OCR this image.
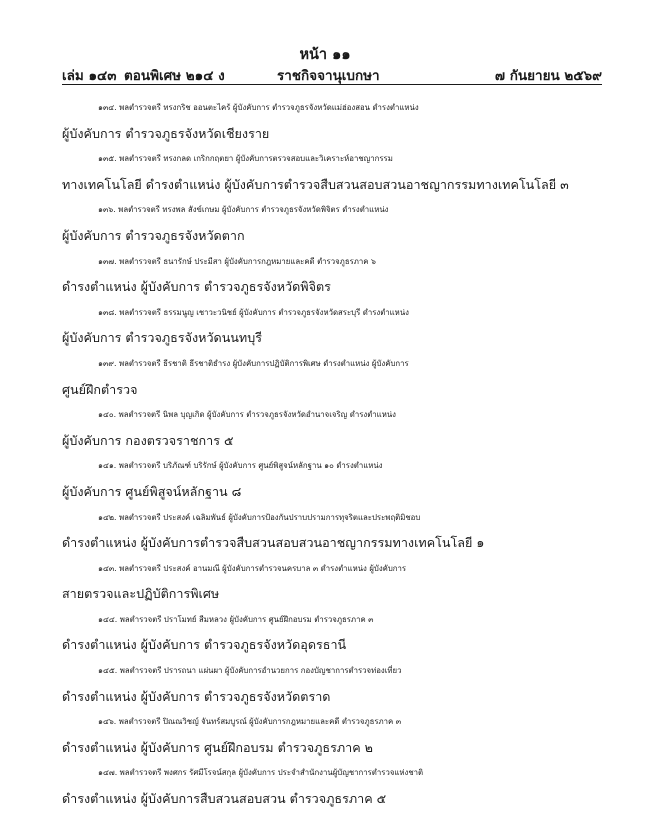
หน้า ๑๑
เล่ม ๑๔๓ ตอนพิเศษ ๒๑๔ ง	ราชกิจจานุเบกษา	๗ กันยายน ๒๕๖๙
๑๓๔. พลตำรวจตรี ทรงกริช ออนตะไคร้ ผู้บังคับการ ตำรวจภูธรจังหวัดแม่ฮ่องสอน ดำรงตำแหน่ง
ผู้บังคับการ ตำรวจภูธรจังหวัดเชียงราย
๑๓๕. พลตำรวจตรี ทรงกลด เกริกกฤตยา ผู้บังคับการตรวจสอบและวิเคราะห์อาชญากรรม
ทางเทคโนโลยี ดำรงตำแหน่ง ผู้บังคับการตำรวจสืบสวนสอบสวนอาชญากรรมทางเทคโนโลยี ๓
๑๓๖. พลตำรวจตรี ทรงพล สังข์เกษม ผู้บังคับการ ตำรวจภูธรจังหวัดพิจิตร ดำรงตำแหน่ง
ผู้บังคับการ ตำรวจภูธรจังหวัดตาก
๑๓๗. พลตำรวจตรี ธนารักษ์ ประมีสา ผู้บังคับการกฎหมายและคดี ตำรวจภูธรภาค ๖
ดำรงตำแหน่ง ผู้บังคับการ ตำรวจภูธรจังหวัดพิจิตร
๑๓๘. พลตำรวจตรี ธรรมนูญ เชาวะวนิชย์ ผู้บังคับการ ตำรวจภูธรจังหวัดสระบุรี ดำรงตำแหน่ง
ผู้บังคับการ ตำรวจภูธรจังหวัดนนทบุรี
๑๓๙. พลตำรวจตรี ธีรชาติ ธีรชาติธำรง ผู้บังคับการปฏิบัติการพิเศษ ดำรงตำแหน่ง ผู้บังคับการ
ศูนย์ฝึกตำรวจ
๑๔๐. พลตำรวจตรี นิพล บุญเกิด ผู้บังคับการ ตำรวจภูธรจังหวัดอำนาจเจริญ ดำรงตำแหน่ง
ผู้บังคับการ กองตรวจราชการ ๕
๑๔๑. พลตำรวจตรี บริภัณฑ์ บริรักษ์ ผู้บังคับการ ศูนย์พิสูจน์หลักฐาน ๑๐ ดำรงตำแหน่ง
ผู้บังคับการ ศูนย์พิสูจน์หลักฐาน ๘
๑๔๒. พลตำรวจตรี ประสงค์ เฉลิมพันธ์ ผู้บังคับการป้องกันปราบปรามการทุจริตและประพฤติมิชอบ
ดำรงตำแหน่ง ผู้บังคับการตำรวจสืบสวนสอบสวนอาชญากรรมทางเทคโนโลยี ๑
๑๔๓. พลตำรวจตรี ประสงค์ อานมณี ผู้บังคับการตำรวจนครบาล ๓ ดำรงตำแหน่ง ผู้บังคับการ
สายตรวจและปฏิบัติการพิเศษ
๑๔๔. พลตำรวจตรี ปราโมทย์ สีมหลวง ผู้บังคับการ ศูนย์ฝึกอบรม ตำรวจภูธรภาค ๓
ดำรงตำแหน่ง ผู้บังคับการ ตำรวจภูธรจังหวัดอุดรธานี
๑๔๕. พลตำรวจตรี ปรารถนา แผ่นผา ผู้บังคับการอำนวยการ กองบัญชาการตำรวจท่องเที่ยว
ดำรงตำแหน่ง ผู้บังคับการ ตำรวจภูธรจังหวัดตราด
๑๔๖. พลตำรวจตรี ปิณณวิชญ์ จันทร์สมบูรณ์ ผู้บังคับการกฎหมายและคดี ตำรวจภูธรภาค ๓
ดำรงตำแหน่ง ผู้บังคับการ ศูนย์ฝึกอบรม ตำรวจภูธรภาค ๒
๑๔๗. พลตำรวจตรี พงศกร รัศมีโรจน์สกุล ผู้บังคับการ ประจำสำนักงานผู้บัญชาการตำรวจแห่งชาติ
ดำรงตำแหน่ง ผู้บังคับการสืบสวนสอบสวน ตำรวจภูธรภาค ๕
